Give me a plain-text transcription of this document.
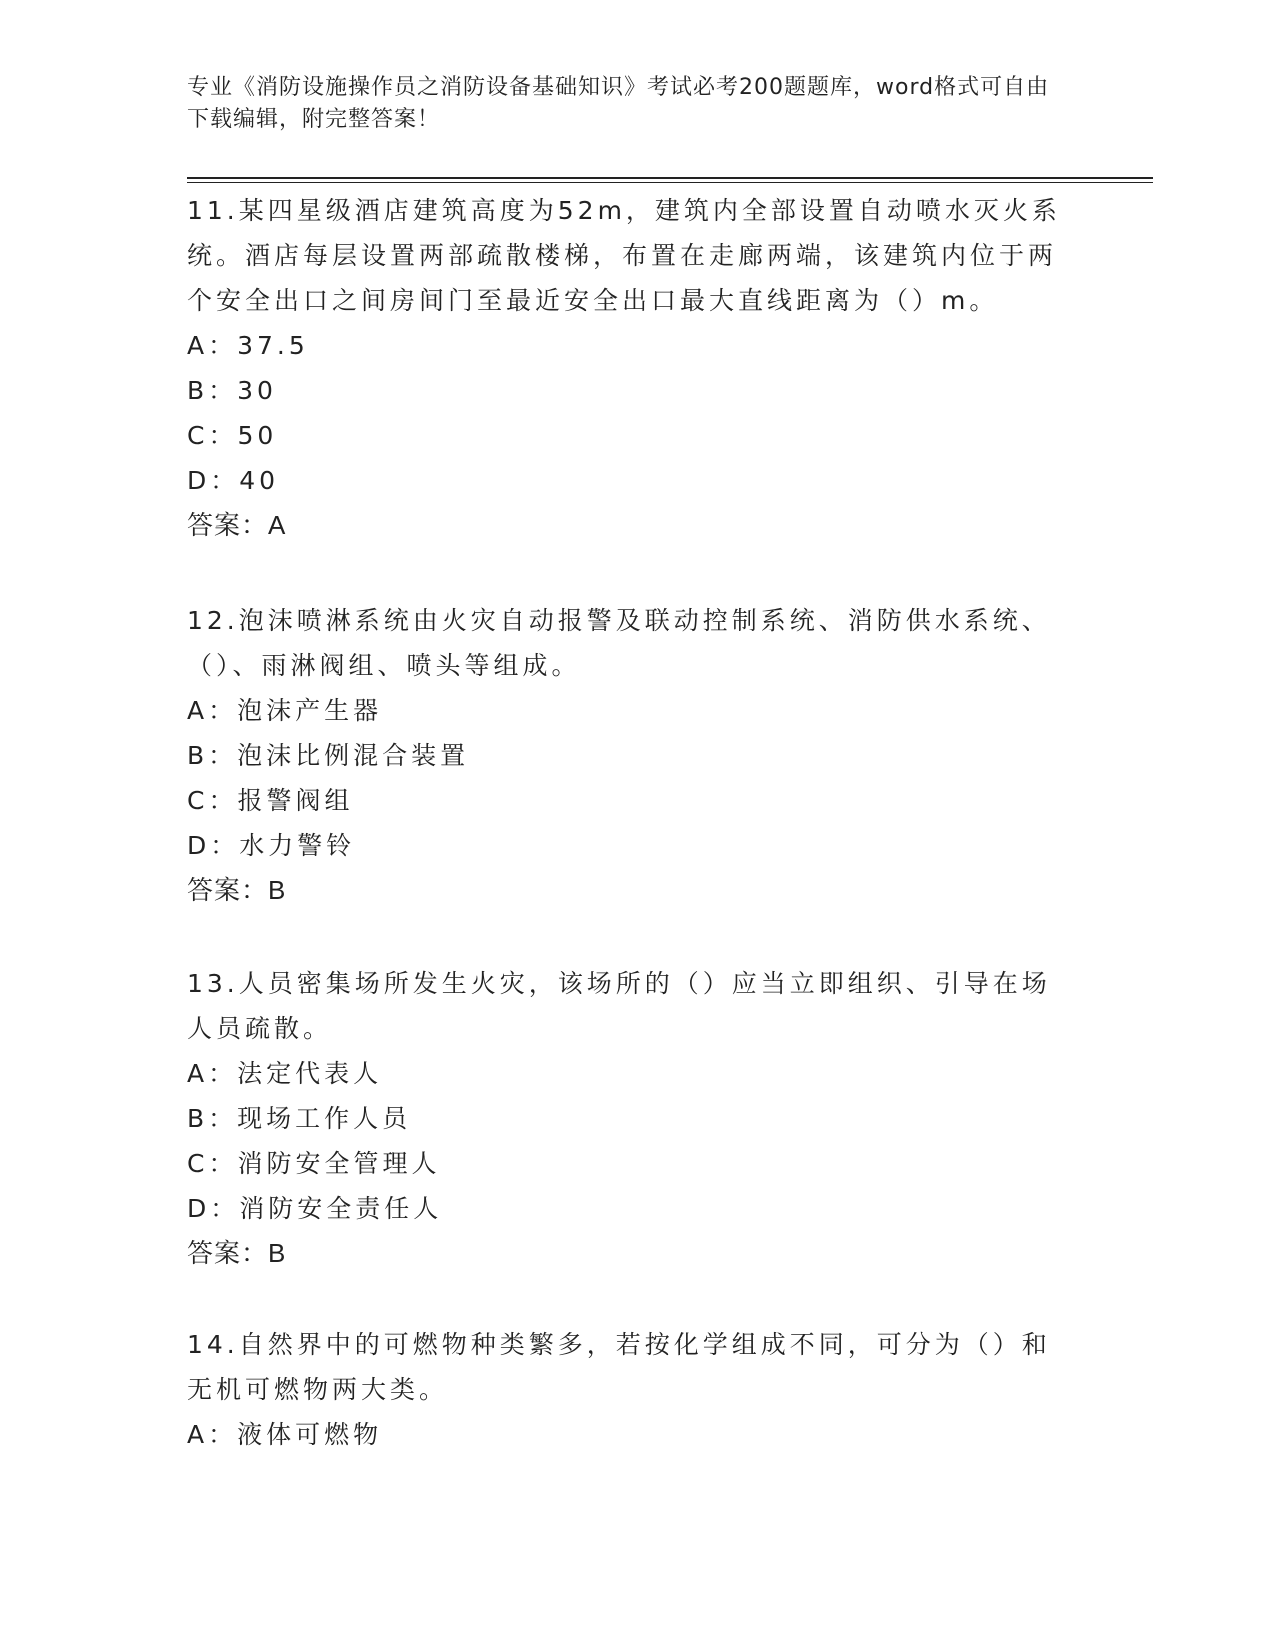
专业《消防设施操作员之消防设备基础知识》考试必考200题题库，word格式可自由下载编辑，附完整答案！

11.某四星级酒店建筑高度为52m，建筑内全部设置自动喷水灭火系统。酒店每层设置两部疏散楼梯，布置在走廊两端，该建筑内位于两个安全出口之间房间门至最近安全出口最大直线距离为（）m。

A：37.5

B：30

C：50

D：40

答案：A

12.泡沫喷淋系统由火灾自动报警及联动控制系统、消防供水系统、（）、雨淋阀组、喷头等组成。

A：泡沫产生器

B：泡沫比例混合装置

C：报警阀组

D：水力警铃

答案：B

13.人员密集场所发生火灾，该场所的（）应当立即组织、引导在场人员疏散。

A：法定代表人

B：现场工作人员

C：消防安全管理人

D：消防安全责任人

答案：B

14.自然界中的可燃物种类繁多，若按化学组成不同，可分为（）和无机可燃物两大类。

A：液体可燃物
